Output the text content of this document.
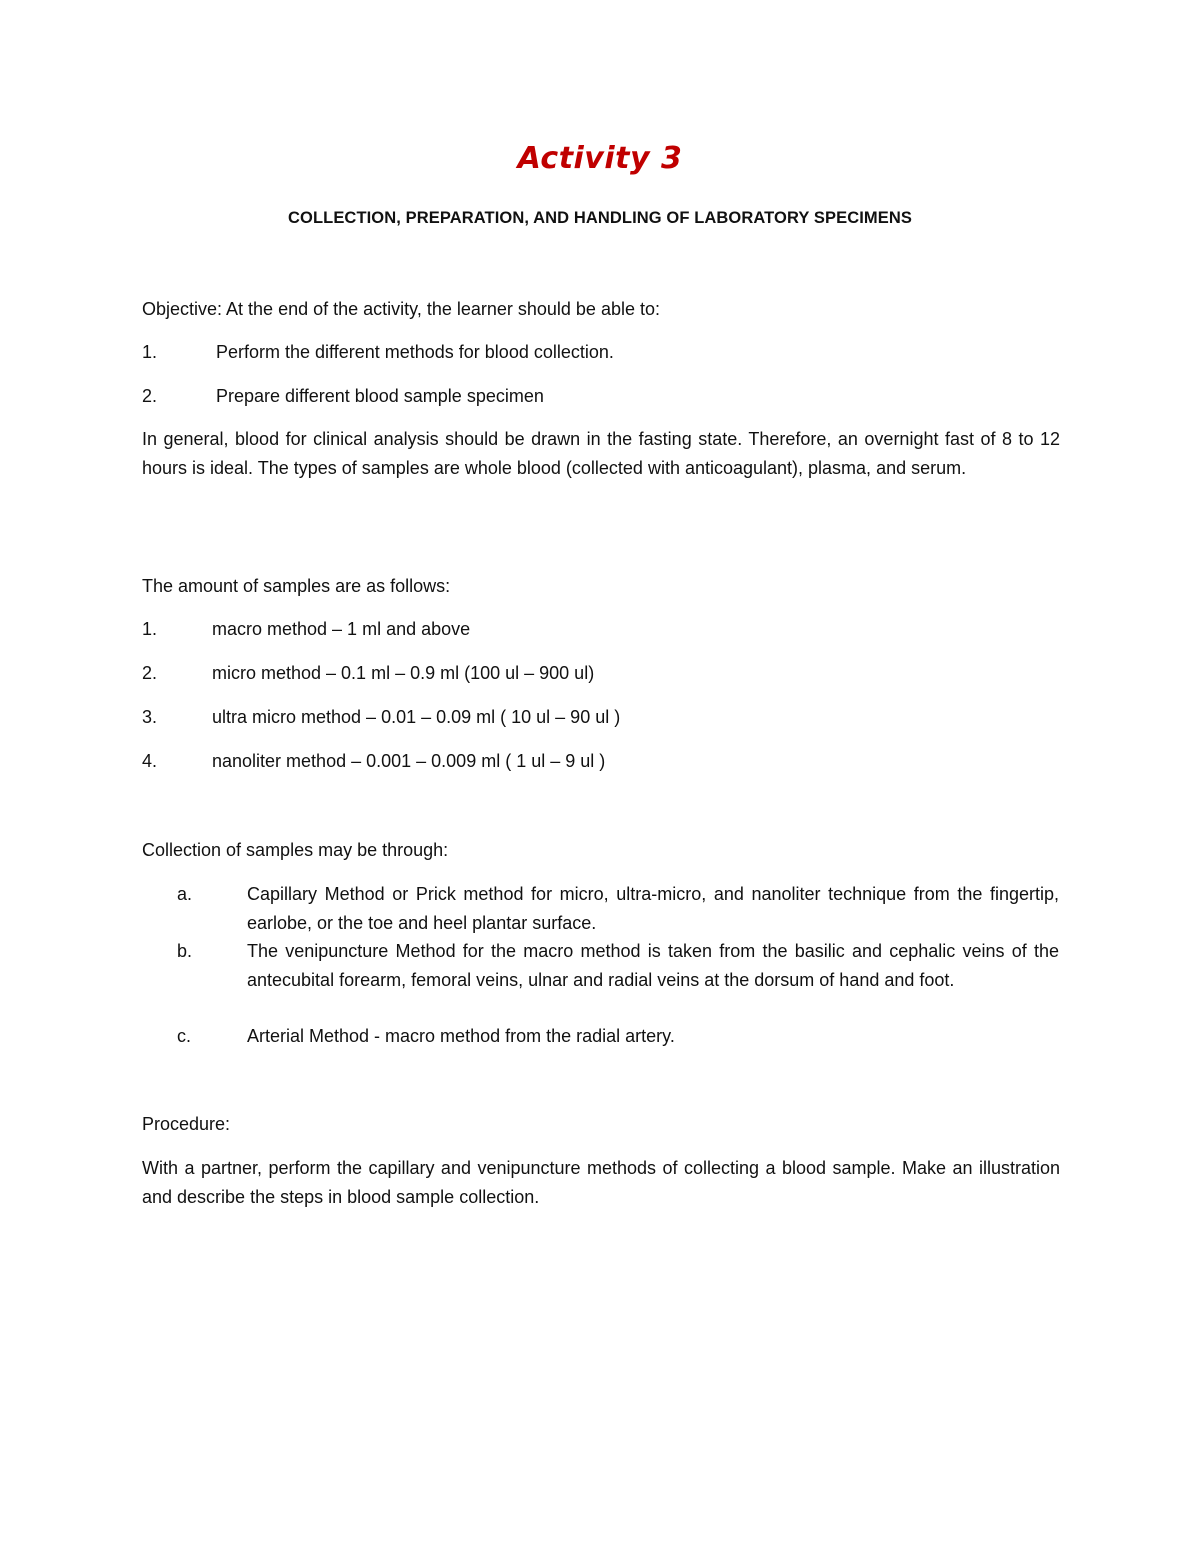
Activity 3
COLLECTION, PREPARATION, AND HANDLING OF LABORATORY SPECIMENS
Objective: At the end of the activity, the learner should be able to:
1.	Perform the different methods for blood collection.
2.	Prepare different blood sample specimen
In general, blood for clinical analysis should be drawn in the fasting state. Therefore, an overnight fast of 8 to 12 hours is ideal. The types of samples are whole blood (collected with anticoagulant), plasma, and serum.
The amount of samples are as follows:
1.	macro method – 1 ml and above
2.	micro method – 0.1 ml – 0.9 ml (100 ul – 900 ul)
3.	ultra micro method – 0.01 – 0.09 ml ( 10 ul – 90 ul )
4.	nanoliter method – 0.001 – 0.009 ml ( 1 ul – 9 ul )
Collection of samples may be through:
a.	Capillary Method or Prick method for micro, ultra-micro, and nanoliter technique from the fingertip, earlobe, or the toe and heel plantar surface.
b.	The venipuncture Method for the macro method is taken from the basilic and cephalic veins of the antecubital forearm, femoral veins, ulnar and radial veins at the dorsum of hand and foot.
c.	Arterial Method - macro method from the radial artery.
Procedure:
With a partner, perform the capillary and venipuncture methods of collecting a blood sample. Make an illustration and describe the steps in blood sample collection.
